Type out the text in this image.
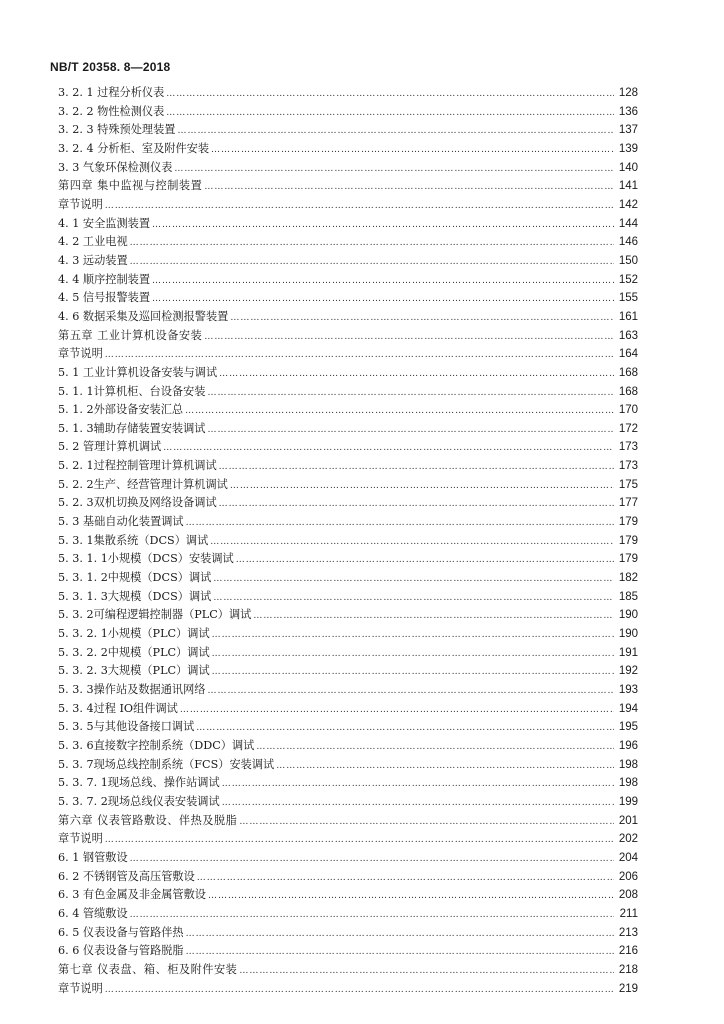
NB/T 20358. 8—2018
3. 2. 1 过程分析仪表 ………………………………………………………………………………………………………………………………………………………………………………………………	128
3. 2. 2 物性检测仪表 ………………………………………………………………………………………………………………………………………………………………………………………………	136
3. 2. 3 特殊预处理装置 ………………………………………………………………………………………………………………………………………………………………………………………………	137
3. 2. 4 分析柜、室及附件安装 ………………………………………………………………………………………………………………………………………………………………………………………………	139
3. 3 气象环保检测仪表 ………………………………………………………………………………………………………………………………………………………………………………………………	140
第四章 集中监视与控制装置 ………………………………………………………………………………………………………………………………………………………………………………………………	141
章节说明 ………………………………………………………………………………………………………………………………………………………………………………………………	142
4. 1 安全监测装置 ………………………………………………………………………………………………………………………………………………………………………………………………	144
4. 2 工业电视 ………………………………………………………………………………………………………………………………………………………………………………………………	146
4. 3 远动装置 ………………………………………………………………………………………………………………………………………………………………………………………………	150
4. 4 顺序控制装置 ………………………………………………………………………………………………………………………………………………………………………………………………	152
4. 5 信号报警装置 ………………………………………………………………………………………………………………………………………………………………………………………………	155
4. 6 数据采集及巡回检测报警装置 ………………………………………………………………………………………………………………………………………………………………………………………………	161
第五章 工业计算机设备安装 ………………………………………………………………………………………………………………………………………………………………………………………………	163
章节说明 ………………………………………………………………………………………………………………………………………………………………………………………………	164
5. 1 工业计算机设备安装与调试 ………………………………………………………………………………………………………………………………………………………………………………………………	168
5. 1. 1计算机柜、台设备安装 ………………………………………………………………………………………………………………………………………………………………………………………………	168
5. 1. 2外部设备安装汇总 ………………………………………………………………………………………………………………………………………………………………………………………………	170
5. 1. 3辅助存储装置安装调试 ………………………………………………………………………………………………………………………………………………………………………………………………	172
5. 2 管理计算机调试 ………………………………………………………………………………………………………………………………………………………………………………………………	173
5. 2. 1过程控制管理计算机调试 ………………………………………………………………………………………………………………………………………………………………………………………………	173
5. 2. 2生产、经营管理计算机调试 ………………………………………………………………………………………………………………………………………………………………………………………………	175
5. 2. 3双机切换及网络设备调试 ………………………………………………………………………………………………………………………………………………………………………………………………	177
5. 3 基础自动化装置调试 ………………………………………………………………………………………………………………………………………………………………………………………………	179
5. 3. 1集散系统（DCS）调试 ………………………………………………………………………………………………………………………………………………………………………………………………	179
5. 3. 1. 1小规模（DCS）安装调试 ………………………………………………………………………………………………………………………………………………………………………………………………	179
5. 3. 1. 2中规模（DCS）调试 ………………………………………………………………………………………………………………………………………………………………………………………………	182
5. 3. 1. 3大规模（DCS）调试 ………………………………………………………………………………………………………………………………………………………………………………………………	185
5. 3. 2可编程逻辑控制器（PLC）调试 ………………………………………………………………………………………………………………………………………………………………………………………………	190
5. 3. 2. 1小规模（PLC）调试 ………………………………………………………………………………………………………………………………………………………………………………………………	190
5. 3. 2. 2中规模（PLC）调试 ………………………………………………………………………………………………………………………………………………………………………………………………	191
5. 3. 2. 3大规模（PLC）调试 ………………………………………………………………………………………………………………………………………………………………………………………………	192
5. 3. 3操作站及数据通讯网络 ………………………………………………………………………………………………………………………………………………………………………………………………	193
5. 3. 4过程 IO组件调试 ………………………………………………………………………………………………………………………………………………………………………………………………	194
5. 3. 5与其他设备接口调试 ………………………………………………………………………………………………………………………………………………………………………………………………	195
5. 3. 6直接数字控制系统（DDC）调试 ………………………………………………………………………………………………………………………………………………………………………………………………	196
5. 3. 7现场总线控制系统（FCS）安装调试 ………………………………………………………………………………………………………………………………………………………………………………………………	198
5. 3. 7. 1现场总线、操作站调试 ………………………………………………………………………………………………………………………………………………………………………………………………	198
5. 3. 7. 2现场总线仪表安装调试 ………………………………………………………………………………………………………………………………………………………………………………………………	199
第六章 仪表管路敷设、伴热及脱脂 ………………………………………………………………………………………………………………………………………………………………………………………………	201
章节说明 ………………………………………………………………………………………………………………………………………………………………………………………………	202
6. 1 钢管敷设 ………………………………………………………………………………………………………………………………………………………………………………………………	204
6. 2 不锈钢管及高压管敷设 ………………………………………………………………………………………………………………………………………………………………………………………………	206
6. 3 有色金属及非金属管敷设 ………………………………………………………………………………………………………………………………………………………………………………………………	208
6. 4 管缆敷设 ………………………………………………………………………………………………………………………………………………………………………………………………	211
6. 5 仪表设备与管路伴热 ………………………………………………………………………………………………………………………………………………………………………………………………	213
6. 6 仪表设备与管路脱脂 ………………………………………………………………………………………………………………………………………………………………………………………………	216
第七章 仪表盘、箱、柜及附件安装 ………………………………………………………………………………………………………………………………………………………………………………………………	218
章节说明 ………………………………………………………………………………………………………………………………………………………………………………………………	219
